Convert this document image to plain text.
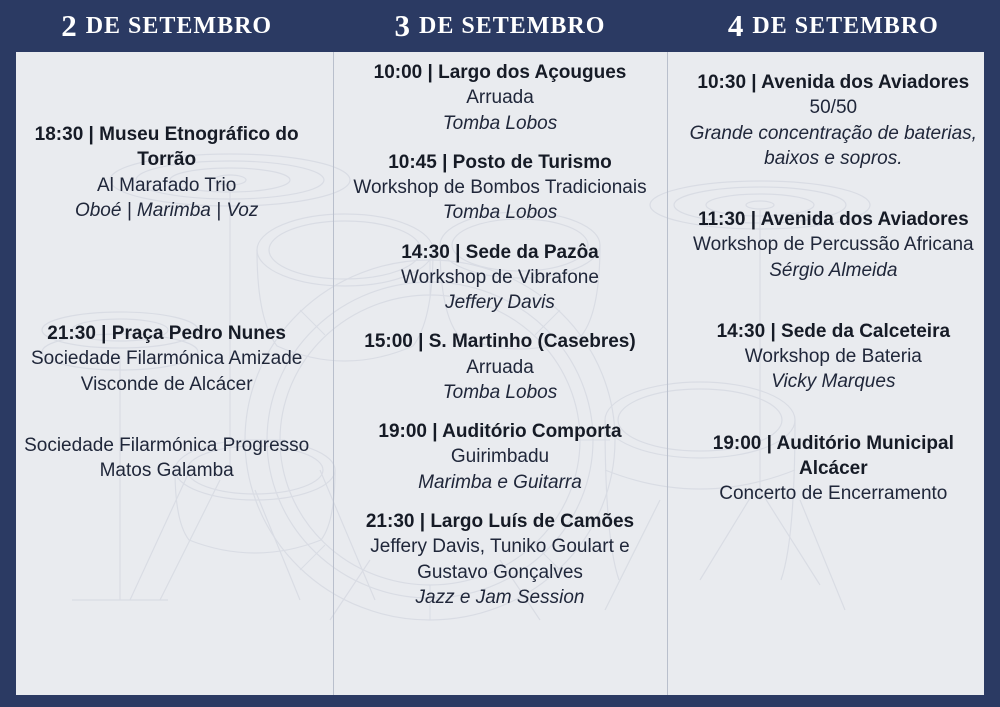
2 DE SETEMBRO	3 DE SETEMBRO	4 DE SETEMBRO
18:30 | Museu Etnográfico do Torrão
Al Marafado Trio
Oboé | Marimba | Voz
21:30 | Praça Pedro Nunes
Sociedade Filarmónica Amizade Visconde de Alcácer
Sociedade Filarmónica Progresso Matos Galamba
10:00 | Largo dos Açougues
Arruada
Tomba Lobos
10:45 | Posto de Turismo
Workshop de Bombos Tradicionais
Tomba Lobos
14:30 | Sede da Pazôa
Workshop de Vibrafone
Jeffery Davis
15:00 | S. Martinho (Casebres)
Arruada
Tomba Lobos
19:00 | Auditório Comporta
Guirimbadu
Marimba e Guitarra
21:30 | Largo Luís de Camões
Jeffery Davis, Tuniko Goulart e Gustavo Gonçalves
Jazz e Jam Session
10:30 | Avenida dos Aviadores
50/50
Grande concentração de baterias, baixos e sopros.
11:30 | Avenida dos Aviadores
Workshop de Percussão Africana
Sérgio Almeida
14:30 | Sede da Calceteira
Workshop de Bateria
Vicky Marques
19:00 | Auditório Municipal Alcácer
Concerto de Encerramento
